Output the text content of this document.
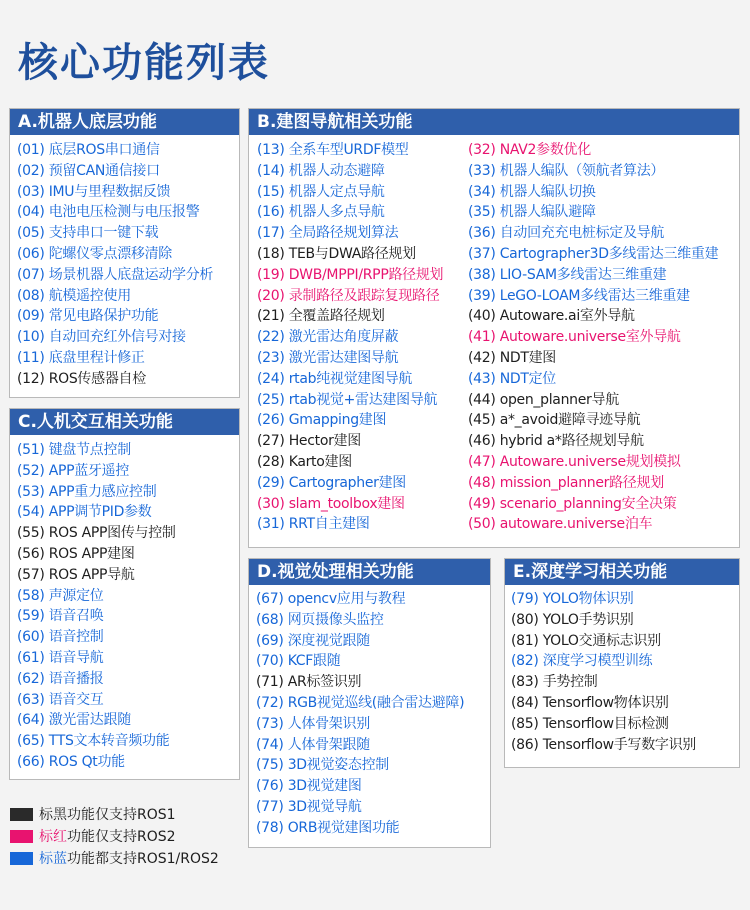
核心功能列表
A.机器人底层功能
(01) 底层ROS串口通信
(02) 预留CAN通信接口
(03) IMU与里程数据反馈
(04) 电池电压检测与电压报警
(05) 支持串口一键下载
(06) 陀螺仪零点漂移清除
(07) 场景机器人底盘运动学分析
(08) 航模遥控使用
(09) 常见电路保护功能
(10) 自动回充红外信号对接
(11) 底盘里程计修正
(12) ROS传感器自检
B.建图导航相关功能
(13) 全系车型URDF模型
(14) 机器人动态避障
(15) 机器人定点导航
(16) 机器人多点导航
(17) 全局路径规划算法
(18) TEB与DWA路径规划
(19) DWB/MPPI/RPP路径规划
(20) 录制路径及跟踪复现路径
(21) 全覆盖路径规划
(22) 激光雷达角度屏蔽
(23) 激光雷达建图导航
(24) rtab纯视觉建图导航
(25) rtab视觉+雷达建图导航
(26) Gmapping建图
(27) Hector建图
(28) Karto建图
(29) Cartographer建图
(30) slam_toolbox建图
(31) RRT自主建图
(32) NAV2参数优化
(33) 机器人编队（领航者算法）
(34) 机器人编队切换
(35) 机器人编队避障
(36) 自动回充充电桩标定及导航
(37) Cartographer3D多线雷达三维重建
(38) LIO-SAM多线雷达三维重建
(39) LeGO-LOAM多线雷达三维重建
(40) Autoware.ai室外导航
(41) Autoware.universe室外导航
(42) NDT建图
(43) NDT定位
(44) open_planner导航
(45) a*_avoid避障寻迹导航
(46) hybrid a*路径规划导航
(47) Autoware.universe规划模拟
(48) mission_planner路径规划
(49) scenario_planning安全决策
(50) autoware.universe泊车
C.人机交互相关功能
(51) 键盘节点控制
(52) APP蓝牙遥控
(53) APP重力感应控制
(54) APP调节PID参数
(55) ROS APP图传与控制
(56) ROS APP建图
(57) ROS APP导航
(58) 声源定位
(59) 语音召唤
(60) 语音控制
(61) 语音导航
(62) 语音播报
(63) 语音交互
(64) 激光雷达跟随
(65) TTS文本转音频功能
(66) ROS Qt功能
D.视觉处理相关功能
(67) opencv应用与教程
(68) 网页摄像头监控
(69) 深度视觉跟随
(70) KCF跟随
(71) AR标签识别
(72) RGB视觉巡线(融合雷达避障)
(73) 人体骨架识别
(74) 人体骨架跟随
(75) 3D视觉姿态控制
(76) 3D视觉建图
(77) 3D视觉导航
(78) ORB视觉建图功能
E.深度学习相关功能
(79) YOLO物体识别
(80) YOLO手势识别
(81) YOLO交通标志识别
(82) 深度学习模型训练
(83) 手势控制
(84) Tensorflow物体识别
(85) Tensorflow目标检测
(86) Tensorflow手写数字识别
标黑 功能仅支持ROS1
标红 功能仅支持ROS2
标蓝 功能都支持ROS1/ROS2
